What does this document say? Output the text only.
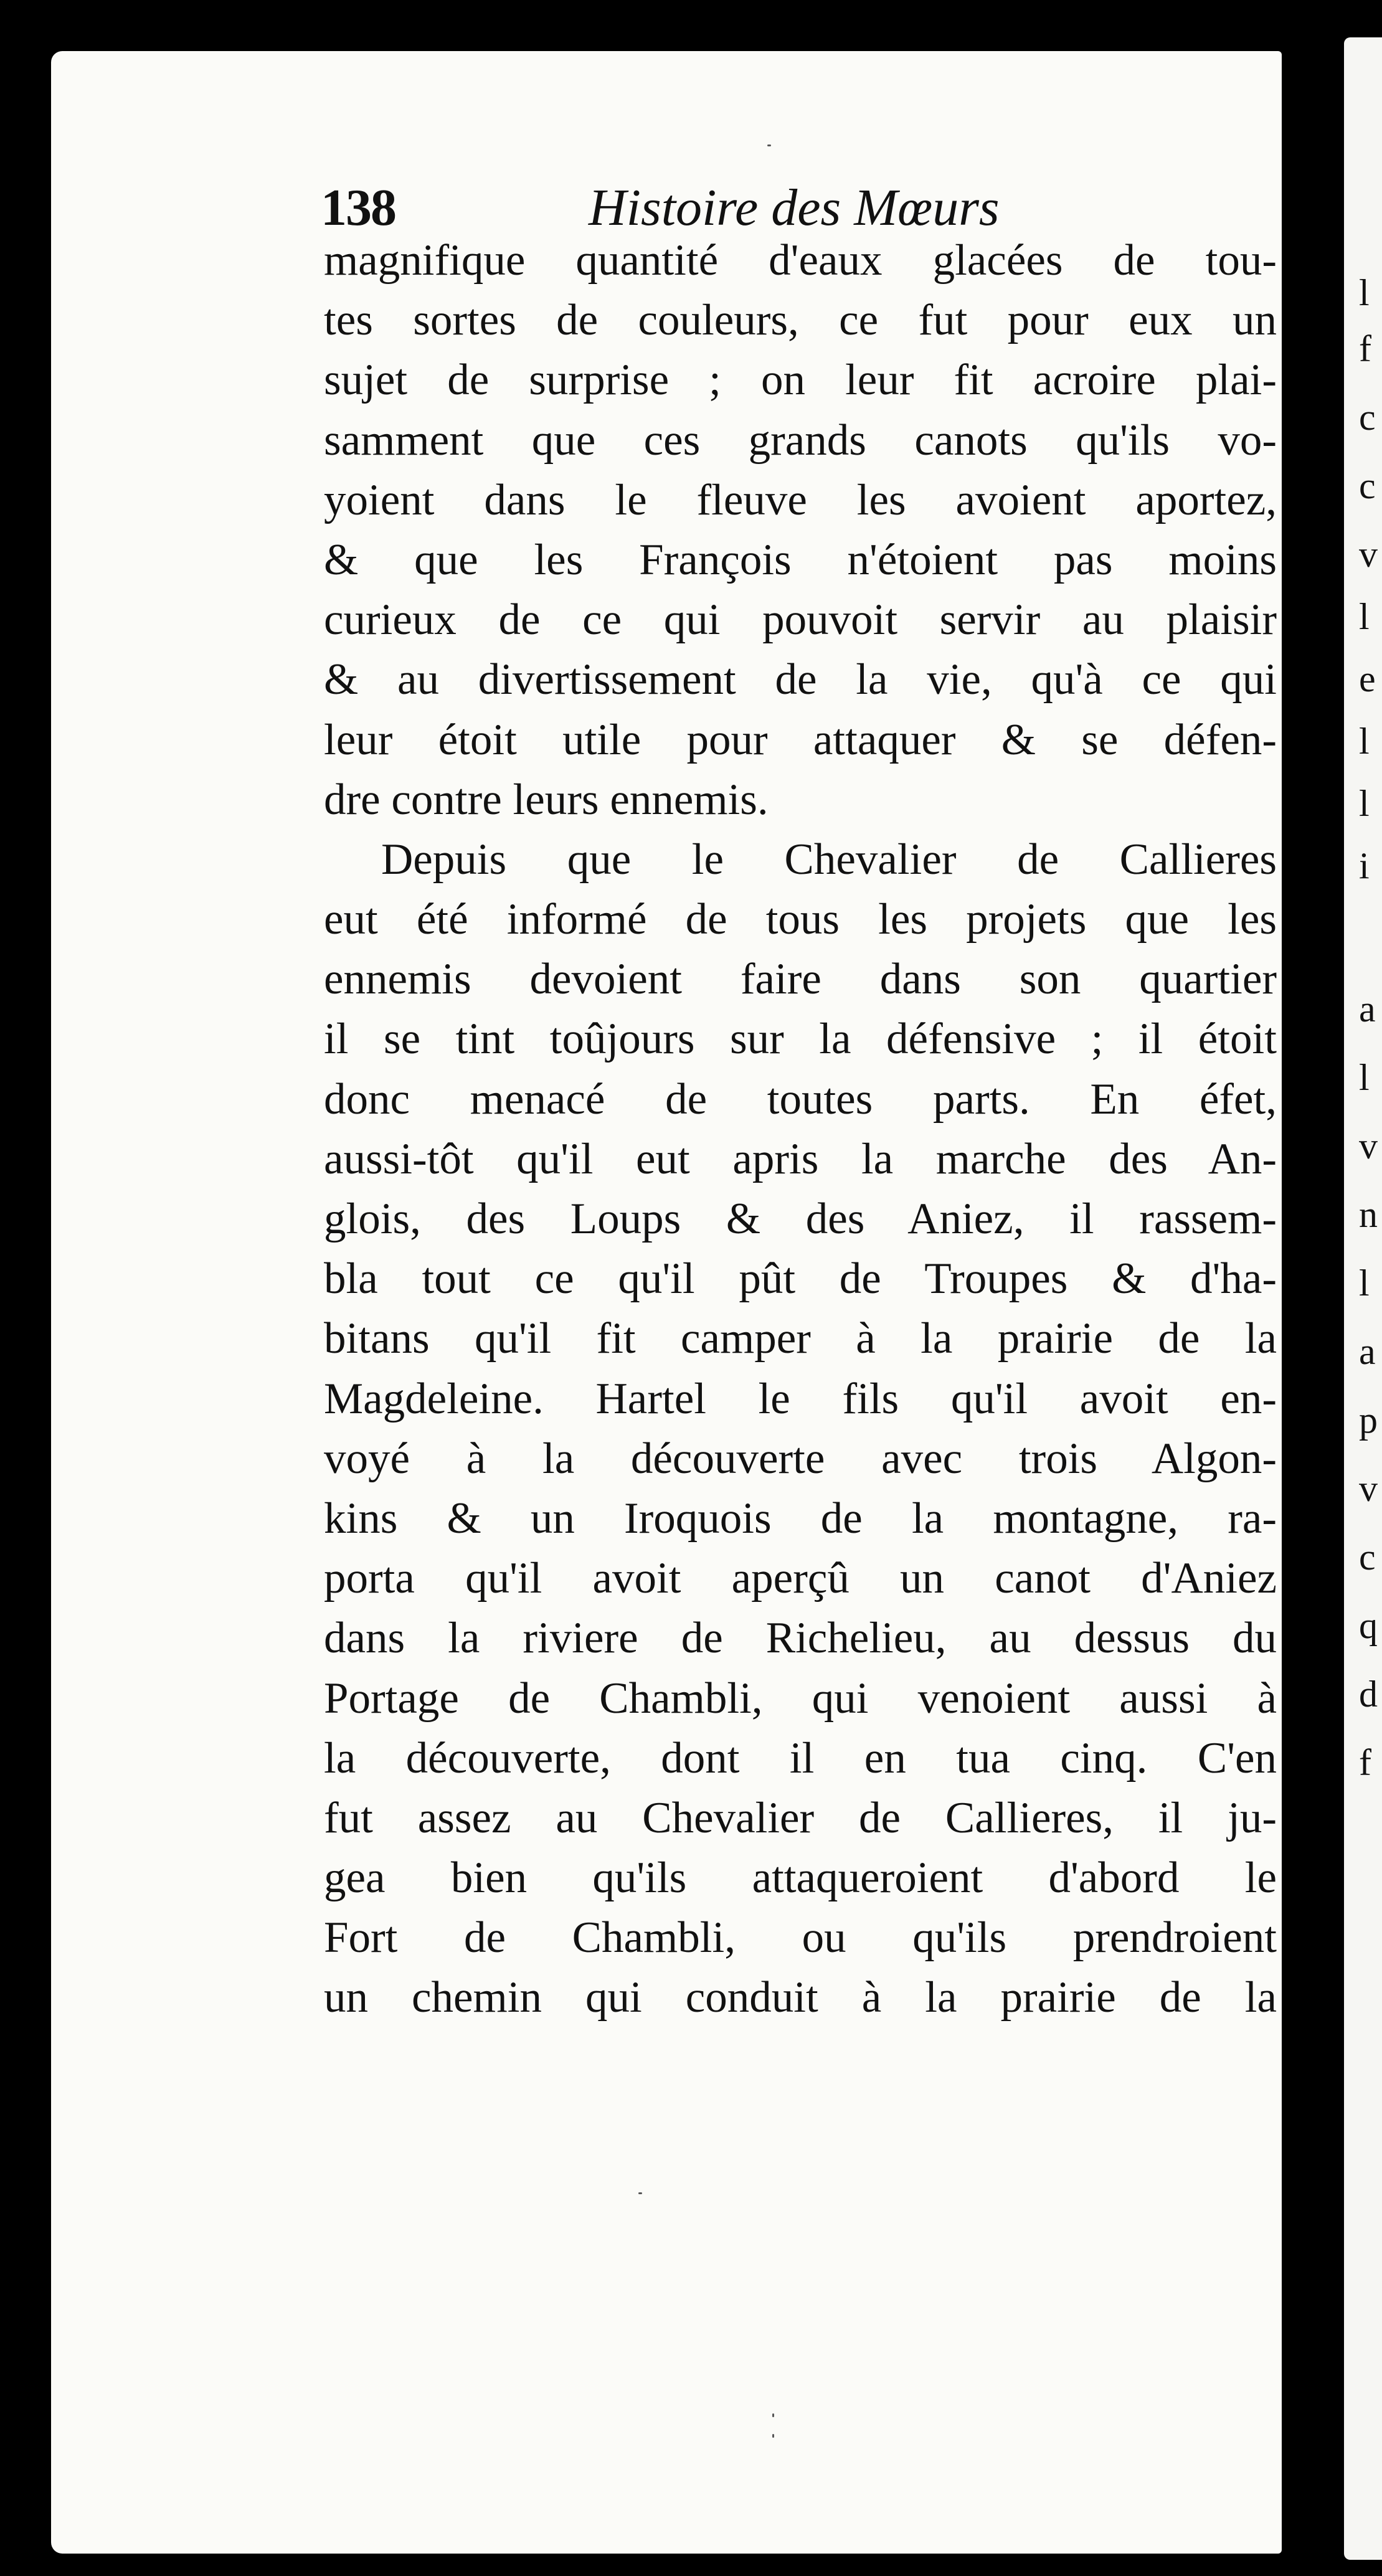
l
f
c
c
v
l
e
l
l
i
a
l
v
n
l
a
p
v
c
q
d
f
138	Histoire des Mœurs
magnifique quantité d'eaux glacées de tou-
tes sortes de couleurs, ce fut pour eux un
sujet de surprise ; on leur fit acroire plai-
samment que ces grands canots qu'ils vo-
yoient dans le fleuve les avoient aportez,
& que les François n'étoient pas moins
curieux de ce qui pouvoit servir au plaisir
& au divertissement de la vie, qu'à ce qui
leur étoit utile pour attaquer & se défen-
dre contre leurs ennemis.
Depuis que le Chevalier de Callieres
eut été informé de tous les projets que les
ennemis devoient faire dans son quartier
il se tint toûjours sur la défensive ; il étoit
donc menacé de toutes parts. En éfet,
aussi-tôt qu'il eut apris la marche des An-
glois, des Loups & des Aniez, il rassem-
bla tout ce qu'il pût de Troupes & d'ha-
bitans qu'il fit camper à la prairie de la
Magdeleine. Hartel le fils qu'il avoit en-
voyé à la découverte avec trois Algon-
kins & un Iroquois de la montagne, ra-
porta qu'il avoit aperçû un canot d'Aniez
dans la riviere de Richelieu, au dessus du
Portage de Chambli, qui venoient aussi à
la découverte, dont il en tua cinq. C'en
fut assez au Chevalier de Callieres, il ju-
gea bien qu'ils attaqueroient d'abord le
Fort de Chambli, ou qu'ils prendroient
un chemin qui conduit à la prairie de la
